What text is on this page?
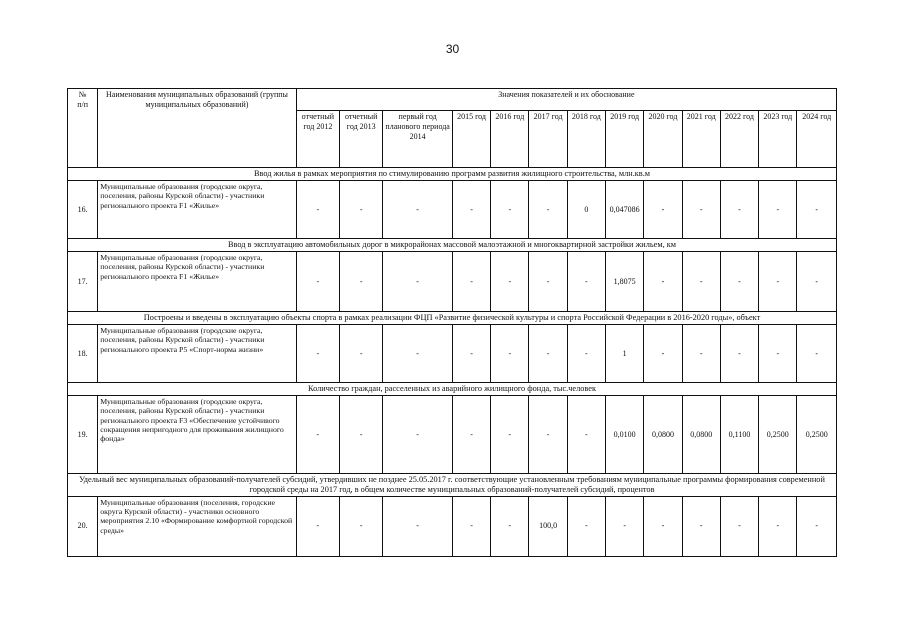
30
№
п/п	Наименования муниципальных образований (группы муниципальных образований)	Значения показателей и их обоснование												
		отчетный год 2012	отчетный год 2013	первый год планового периода 2014	2015 год	2016 год	2017 год	2018 год	2019 год	2020 год	2021 год	2022 год	2023 год	2024 год
Ввод жилья в рамках мероприятия по стимулированию программ развития жилищного строительства, млн.кв.м														
16.	Муниципальные образования (городские округа, поселения, районы Курской области) - участники регионального проекта F1 «Жилье»	-	-	-	-	-	-	0	0,047086	-	-	-	-	-
Ввод в эксплуатацию автомобильных дорог в микрорайонах массовой малоэтажной и многоквартирной застройки жильем, км														
17.	Муниципальные образования (городские округа, поселения, районы Курской области) - участники регионального проекта F1 «Жилье»	-	-	-	-	-	-	-	1,8075	-	-	-	-	-
Построены и введены в эксплуатацию объекты спорта в рамках реализации ФЦП «Развитие физической культуры и спорта Российской Федерации в 2016-2020 годы», объект														
18.	Муниципальные образования (городские округа, поселения, районы Курской области) - участники регионального проекта P5 «Спорт-норма жизни»	-	-	-	-	-	-	-	1	-	-	-	-	-
Количество граждан, расселенных из аварийного жилищного фонда, тыс.человек														
19.	Муниципальные образования (городские округа, поселения, районы Курской области) - участники регионального проекта F3 «Обеспечение устойчивого сокращения непригодного для проживания жилищного фонда»	-	-	-	-	-	-	-	0,0100	0,0800	0,0800	0,1100	0,2500	0,2500
Удельный вес муниципальных образований-получателей субсидий, утвердивших не позднее 25.05.2017 г. соответствующие установленным требованиям муниципальные программы формирования современной городской среды на 2017 год, в общем количестве муниципальных образований-получателей субсидий, процентов														
20.	Муниципальные образования (поселения, городские округа Курской области) - участники основного мероприятия 2.10 «Формирование комфортной городской среды»	-	-	-	-	-	100,0	-	-	-	-	-	-	-
